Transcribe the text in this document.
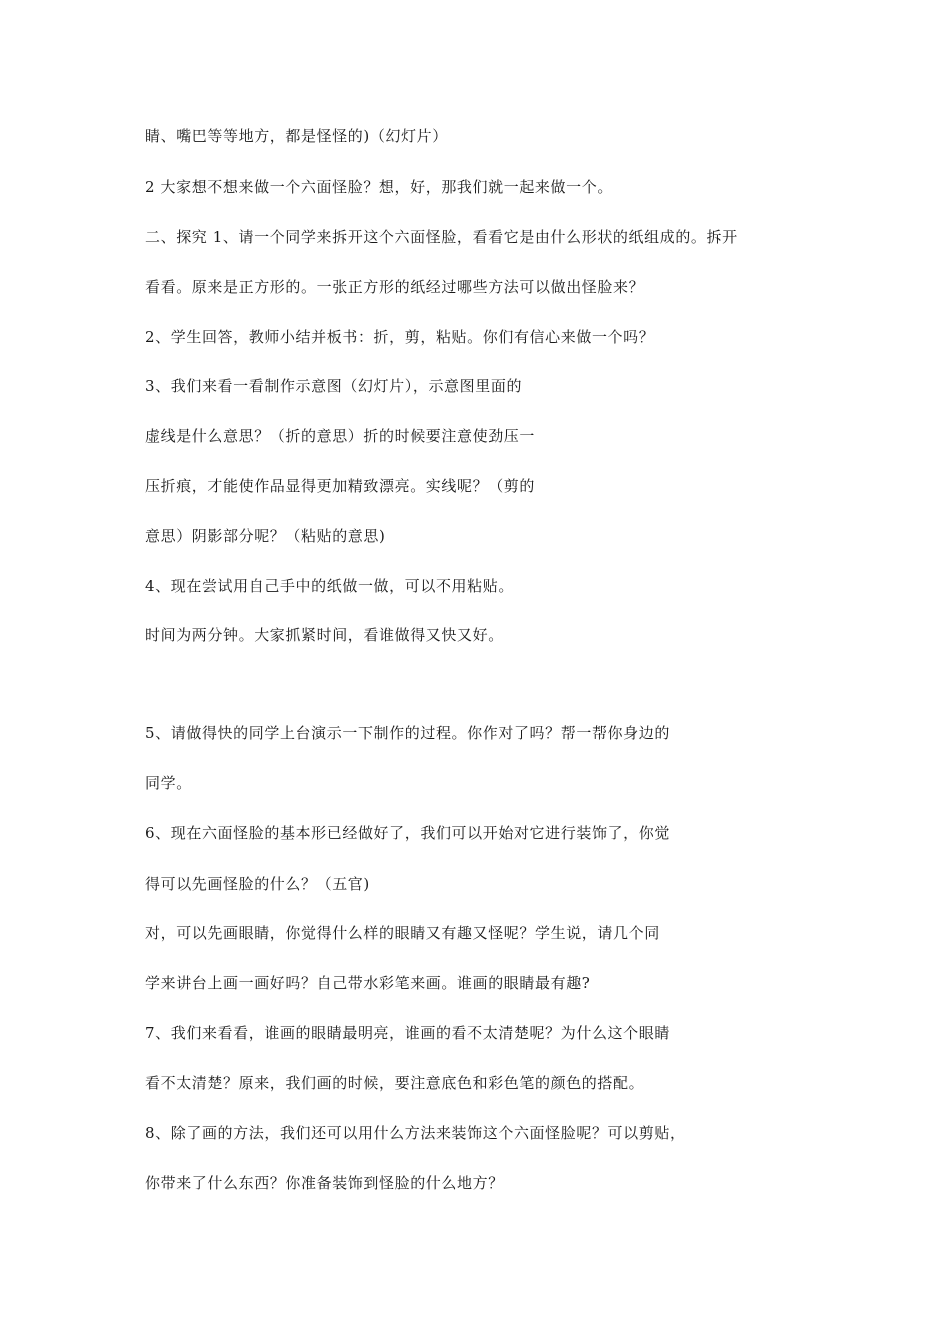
睛、嘴巴等等地方，都是怪怪的)（幻灯片）
2 大家想不想来做一个六面怪脸？想，好，那我们就一起来做一个。
二、探究 1、请一个同学来拆开这个六面怪脸，看看它是由什么形状的纸组成的。拆开
看看。原来是正方形的。一张正方形的纸经过哪些方法可以做出怪脸来？
2、学生回答，教师小结并板书：折，剪，粘贴。你们有信心来做一个吗？
3、我们来看一看制作示意图（幻灯片），示意图里面的
虚线是什么意思？（折的意思）折的时候要注意使劲压一
压折痕，才能使作品显得更加精致漂亮。实线呢？（剪的
意思）阴影部分呢？（粘贴的意思)
4、现在尝试用自己手中的纸做一做，可以不用粘贴。
时间为两分钟。大家抓紧时间，看谁做得又快又好。
5、请做得快的同学上台演示一下制作的过程。你作对了吗？帮一帮你身边的
同学。
6、现在六面怪脸的基本形已经做好了，我们可以开始对它进行装饰了，你觉
得可以先画怪脸的什么？（五官)
对，可以先画眼睛，你觉得什么样的眼睛又有趣又怪呢？学生说，请几个同
学来讲台上画一画好吗？自己带水彩笔来画。谁画的眼睛最有趣?
7、我们来看看，谁画的眼睛最明亮，谁画的看不太清楚呢？为什么这个眼睛
看不太清楚？原来，我们画的时候，要注意底色和彩色笔的颜色的搭配。
8、除了画的方法，我们还可以用什么方法来装饰这个六面怪脸呢？可以剪贴，
你带来了什么东西？你准备装饰到怪脸的什么地方？
